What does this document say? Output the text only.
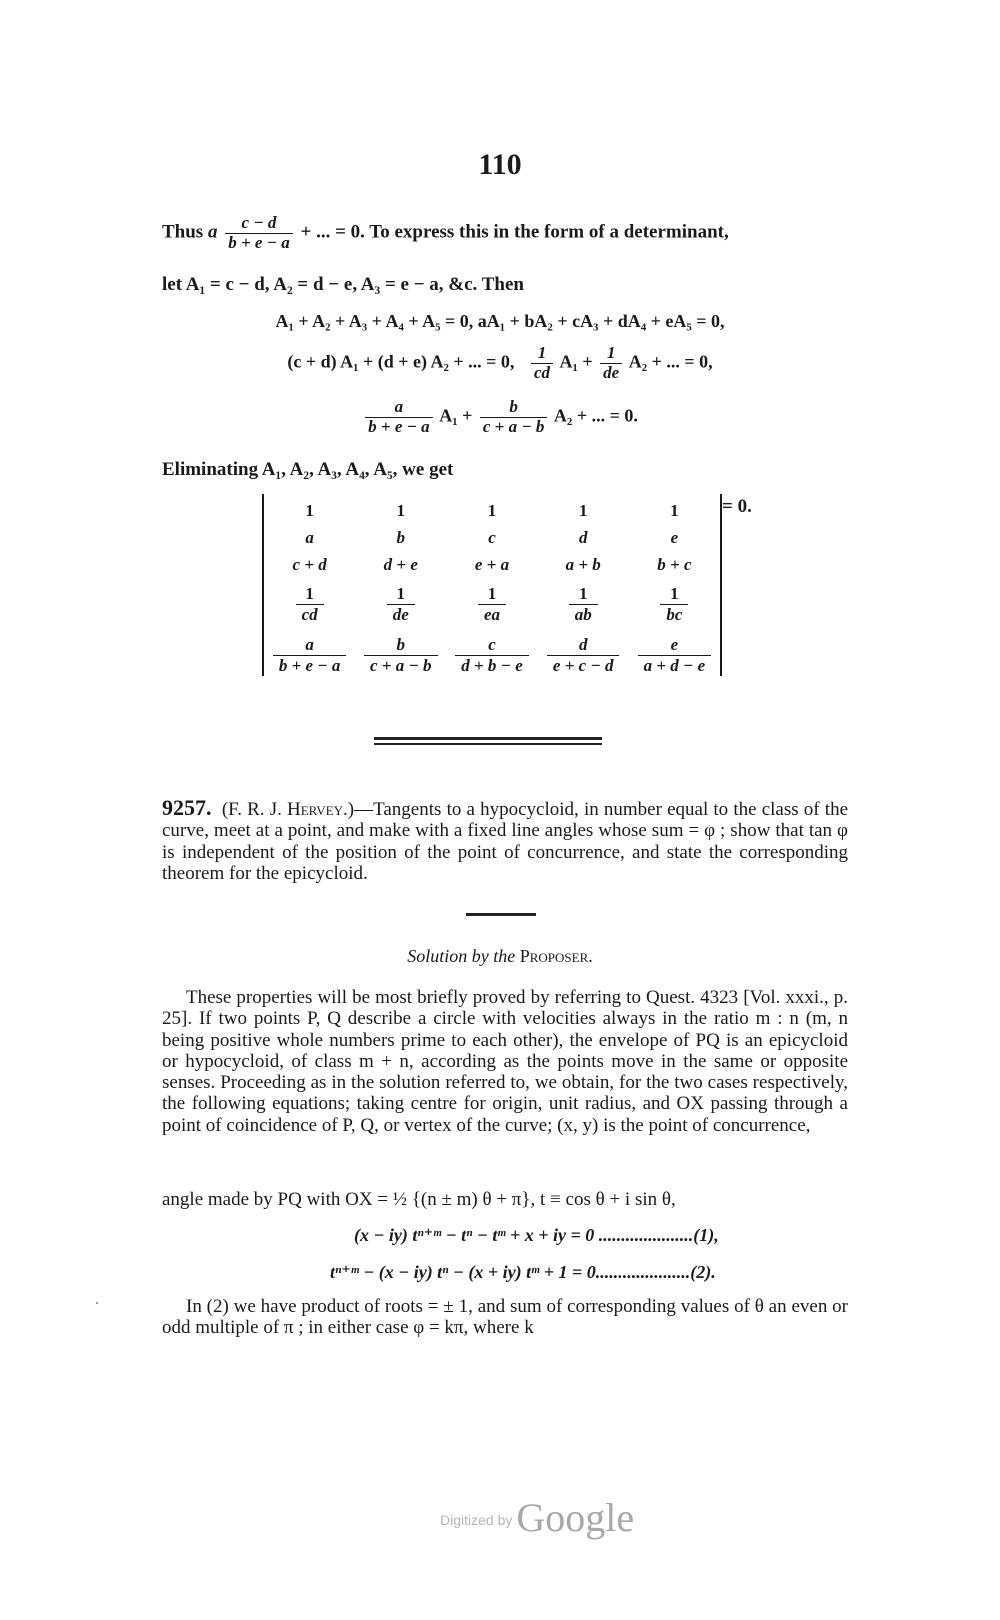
110
Thus a $\frac{c - d}{b + e - a}$ + ... = 0. To express this in the form of a determinant,
let A₁ = c − d, A₂ = d − e, A₃ = e − a, &c. Then
A₁ + A₂ + A₃ + A₄ + A₅ = 0, aA₁ + bA₂ + cA₃ + dA₄ + eA₅ = 0,
(c + d) A₁ + (d + e) A₂ + ... = 0, $\frac{1}{cd} A_1 + \frac{1}{de} A_2$ + ... = 0,
$\frac{a}{b + e - a} A_1 + \frac{b}{c + a - b} A_2$ + ... = 0.
Eliminating A₁, A₂, A₃, A₄, A₅, we get
1	1	1	1	1
a	b	c	d	e
c + d	d + e	e + a	a + b	b + c
$\frac{1}{cd} \frac{1}{de} \frac{1}{ea} \frac{1}{ab} \frac{1}{bc}$
$\frac{a}{b + e - a} \frac{b}{c + a - b} \frac{c}{d + b - e} \frac{d}{e + c - d} \frac{e}{a + d - e}$
= 0.
9257. (F. R. J. Hervey.)—Tangents to a hypocycloid, in number equal to the class of the curve, meet at a point, and make with a fixed line angles whose sum = φ ; show that tan φ is independent of the position of the point of concurrence, and state the corresponding theorem for the epicycloid.
Solution by the Proposer.
These properties will be most briefly proved by referring to Quest. 4323 [Vol. xxxi., p. 25]. If two points P, Q describe a circle with velocities always in the ratio m : n (m, n being positive whole numbers prime to each other), the envelope of PQ is an epicycloid or hypocycloid, of class m + n, according as the points move in the same or opposite senses. Proceeding as in the solution referred to, we obtain, for the two cases respectively, the following equations; taking centre for origin, unit radius, and OX passing through a point of coincidence of P, Q, or vertex of the curve; (x, y) is the point of concurrence,
angle made by PQ with OX = ½ {(n ± m) θ + π}, t ≡ cos θ + i sin θ,
(x − iy) tⁿ⁺ᵐ − tⁿ − tᵐ + x + iy = 0 .....................(1),
tⁿ⁺ᵐ − (x − iy) tⁿ − (x + iy) tᵐ + 1 = 0.....................(2).
In (2) we have product of roots = ± 1, and sum of corresponding values of θ an even or odd multiple of π ; in either case φ = kπ, where k
Digitized by Google
